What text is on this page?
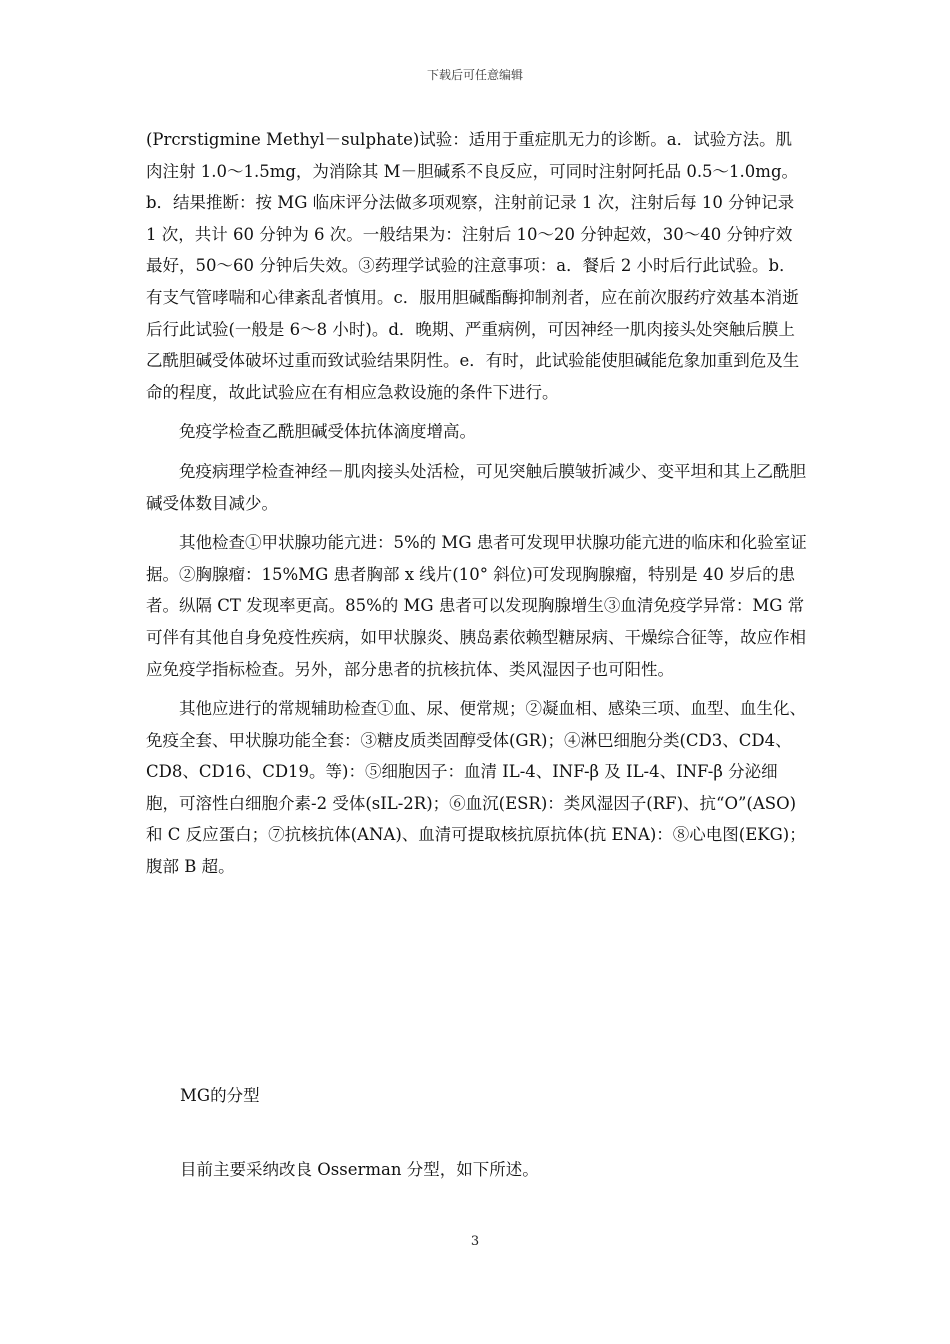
下载后可任意编辑

(Prcrstigmine Methyl－sulphate)试验：适用于重症肌无力的诊断。a．试验方法。肌肉注射 1.0～1.5mg，为消除其 M－胆碱系不良反应，可同时注射阿托品 0.5～1.0mg。b．结果推断：按 MG 临床评分法做多项观察，注射前记录 1 次，注射后每 10 分钟记录 1 次，共计 60 分钟为 6 次。一般结果为：注射后 10～20 分钟起效，30～40 分钟疗效最好，50～60 分钟后失效。③药理学试验的注意事项：a．餐后 2 小时后行此试验。b．有支气管哮喘和心律紊乱者慎用。c．服用胆碱酯酶抑制剂者，应在前次服药疗效基本消逝后行此试验(一般是 6～8 小时)。d．晚期、严重病例，可因神经一肌肉接头处突触后膜上乙酰胆碱受体破坏过重而致试验结果阴性。e．有时，此试验能使胆碱能危象加重到危及生命的程度，故此试验应在有相应急救设施的条件下进行。

免疫学检查乙酰胆碱受体抗体滴度增高。

免疫病理学检查神经－肌肉接头处活检，可见突触后膜皱折减少、变平坦和其上乙酰胆碱受体数目减少。

其他检查①甲状腺功能亢进：5%的 MG 患者可发现甲状腺功能亢进的临床和化验室证据。②胸腺瘤：15%MG 患者胸部 x 线片(10° 斜位)可发现胸腺瘤，特别是 40 岁后的患者。纵隔 CT 发现率更高。85%的 MG 患者可以发现胸腺增生③血清免疫学异常：MG 常可伴有其他自身免疫性疾病，如甲状腺炎、胰岛素依赖型糖尿病、干燥综合征等，故应作相应免疫学指标检查。另外，部分患者的抗核抗体、类风湿因子也可阳性。

其他应进行的常规辅助检查①血、尿、便常规；②凝血相、感染三项、血型、血生化、免疫全套、甲状腺功能全套：③糖皮质类固醇受体(GR)；④淋巴细胞分类(CD3、CD4、CD8、CD16、CD19。等)：⑤细胞因子：血清 IL-4、INF-β 及 IL-4、INF-β 分泌细胞，可溶性白细胞介素-2 受体(sIL-2R)；⑥血沉(ESR)：类风湿因子(RF)、抗“O”(ASO)和 C 反应蛋白；⑦抗核抗体(ANA)、血清可提取核抗原抗体(抗 ENA)：⑧心电图(EKG)；腹部 B 超。

MG的分型
目前主要采纳改良 Osserman 分型，如下所述。
3
